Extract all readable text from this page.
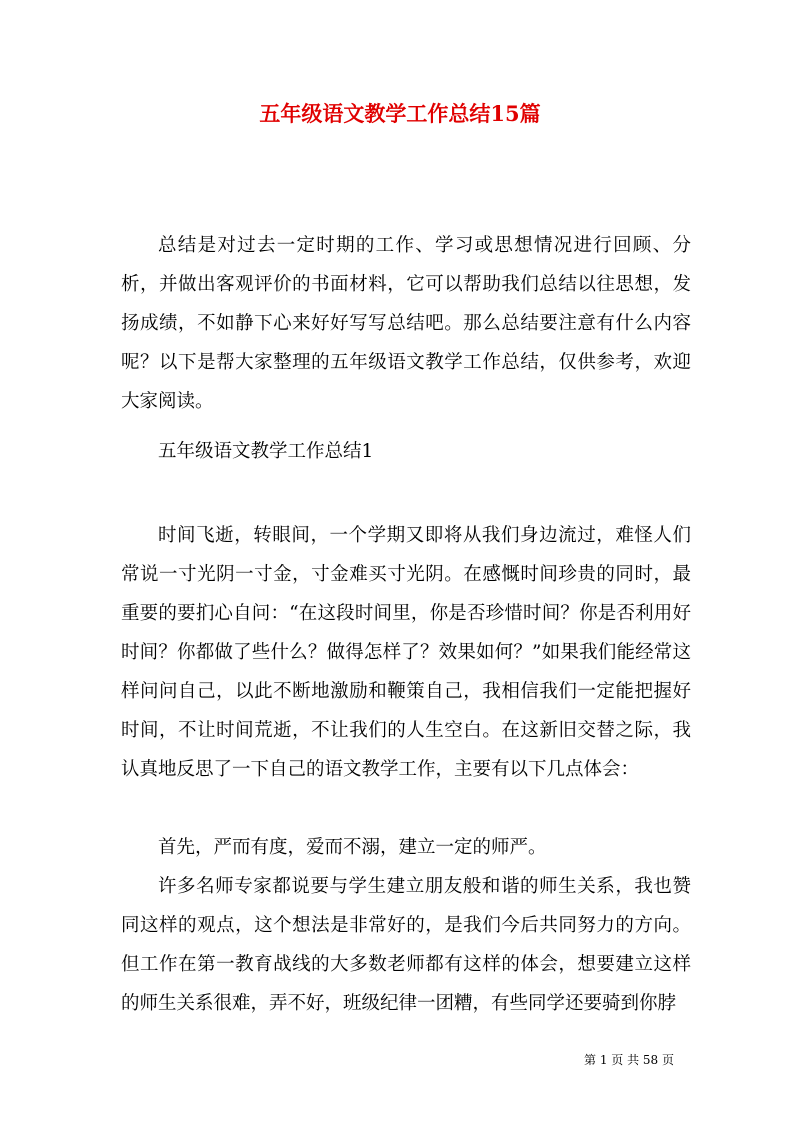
五年级语文教学工作总结15篇

总结是对过去一定时期的工作、学习或思想情况进行回顾、分析，并做出客观评价的书面材料，它可以帮助我们总结以往思想，发扬成绩，不如静下心来好好写写总结吧。那么总结要注意有什么内容呢？以下是帮大家整理的五年级语文教学工作总结，仅供参考，欢迎大家阅读。

五年级语文教学工作总结1

时间飞逝，转眼间，一个学期又即将从我们身边流过，难怪人们常说一寸光阴一寸金，寸金难买寸光阴。在感慨时间珍贵的同时，最重要的要扪心自问：“在这段时间里，你是否珍惜时间？你是否利用好时间？你都做了些什么？做得怎样了？效果如何？”如果我们能经常这样问问自己，以此不断地激励和鞭策自己，我相信我们一定能把握好时间，不让时间荒逝，不让我们的人生空白。在这新旧交替之际，我认真地反思了一下自己的语文教学工作，主要有以下几点体会：

首先，严而有度，爱而不溺，建立一定的师严。

许多名师专家都说要与学生建立朋友般和谐的师生关系，我也赞同这样的观点，这个想法是非常好的，是我们今后共同努力的方向。但工作在第一教育战线的大多数老师都有这样的体会，想要建立这样的师生关系很难，弄不好，班级纪律一团糟，有些同学还要骑到你脖

第 1 页 共 58 页
